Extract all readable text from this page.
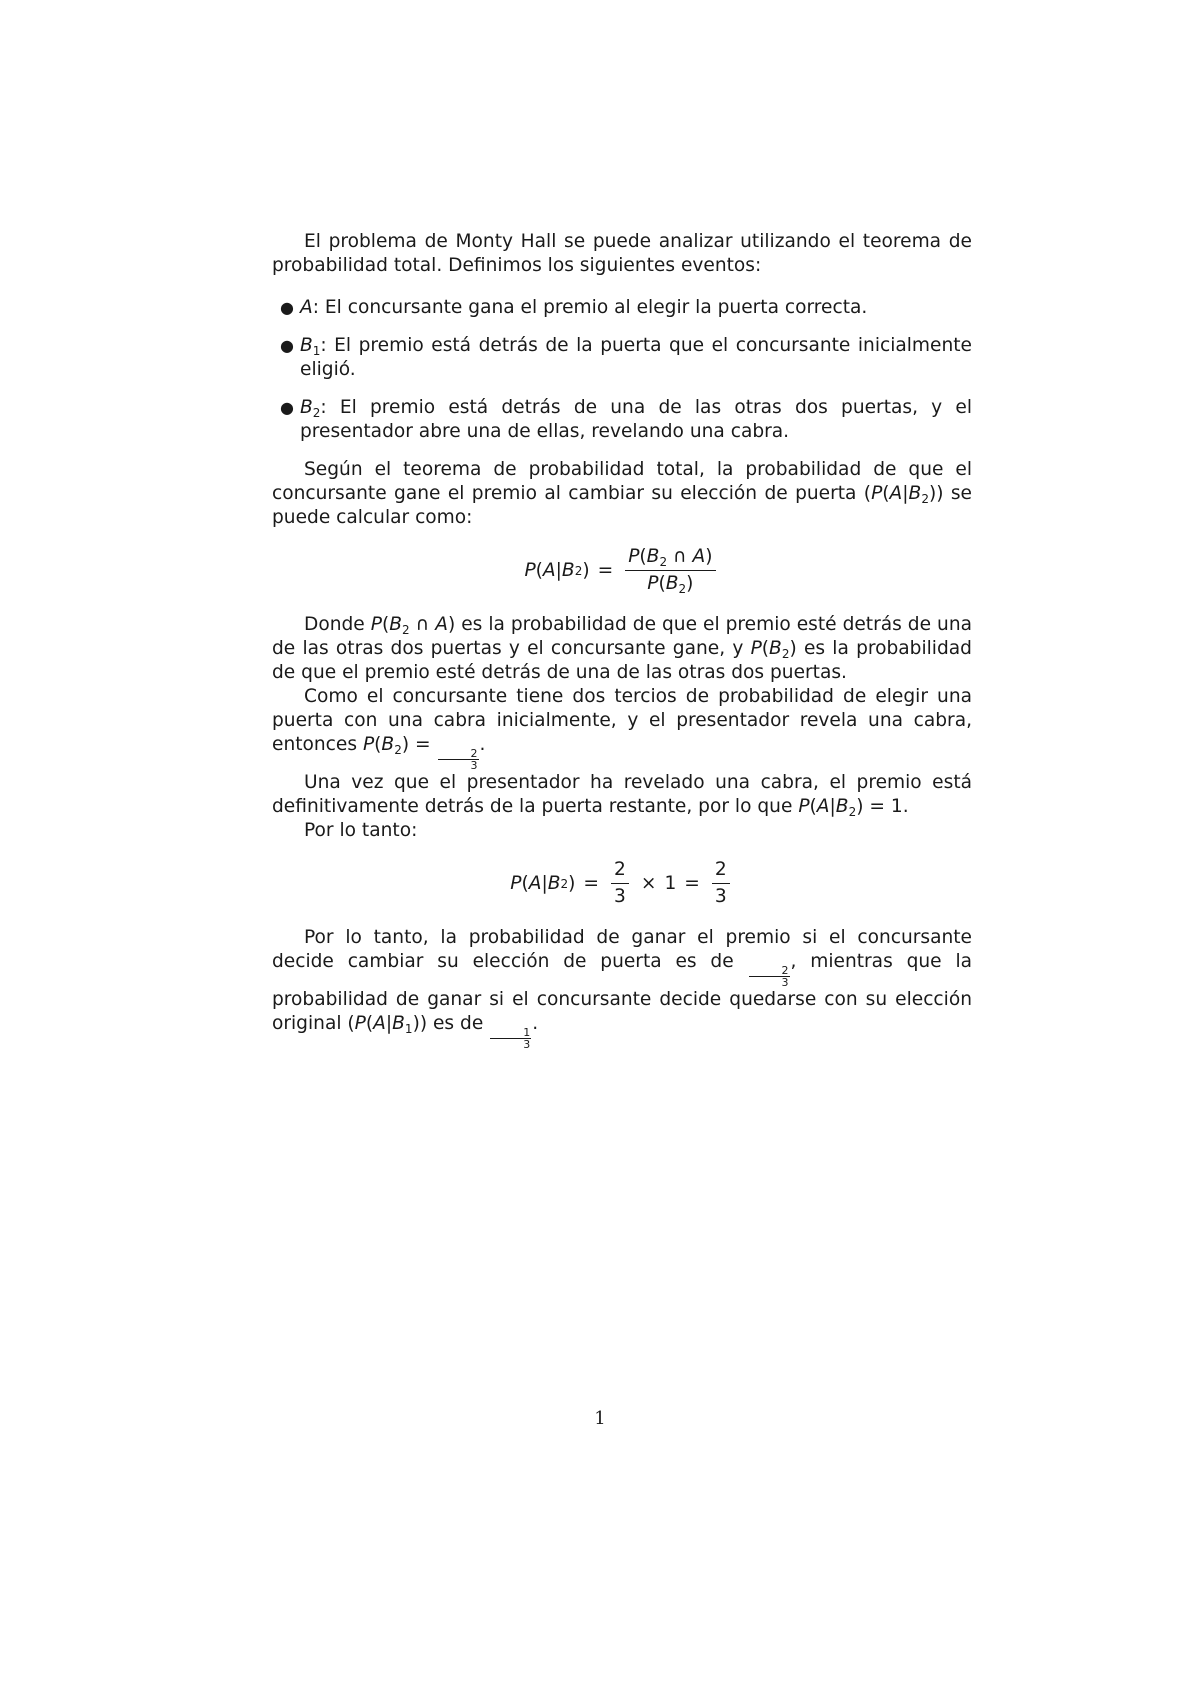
El problema de Monty Hall se puede analizar utilizando el teorema de probabilidad total. Definimos los siguientes eventos:

● A: El concursante gana el premio al elegir la puerta correcta.
● $B_1$: El premio está detrás de la puerta que el concursante inicialmente eligió.
● $B_2$: El premio está detrás de una de las otras dos puertas, y el presentador abre una de ellas, revelando una cabra.

Según el teorema de probabilidad total, la probabilidad de que el concursante gane el premio al cambiar su elección de puerta $(P(A|B_2))$ se puede calcular como:

P ( A | B 2 ) = $\frac{P(B_2 \cap A)}{P(B_2)}$

Donde $P(B_2$ ∩ A) es la probabilidad de que el premio esté detrás de una de las otras dos puertas y el concursante gane, y $P(B_2)$ es la probabilidad de que el premio esté detrás de una de las otras dos puertas.

Como el concursante tiene dos tercios de probabilidad de elegir una puerta con una cabra inicialmente, y el presentador revela una cabra, entonces $P(B_2)$ =
$\frac{2}{3}$
.

Una vez que el presentador ha revelado una cabra, el premio está definitivamente detrás de la puerta restante, por lo que $P(A|B_2) = 1$.

Por lo tanto:

P ( A | B 2 ) = $\frac{2}{3} \times 1 = \frac{2}{3}$

Por lo tanto, la probabilidad de ganar el premio si el concursante decide cambiar su elección de puerta es de
$\frac{2}{3}$
, mientras que la probabilidad de ganar si el concursante decide quedarse con su elección original $(P(A|B_1))$ es de
$\frac{1}{3}$
.

1
